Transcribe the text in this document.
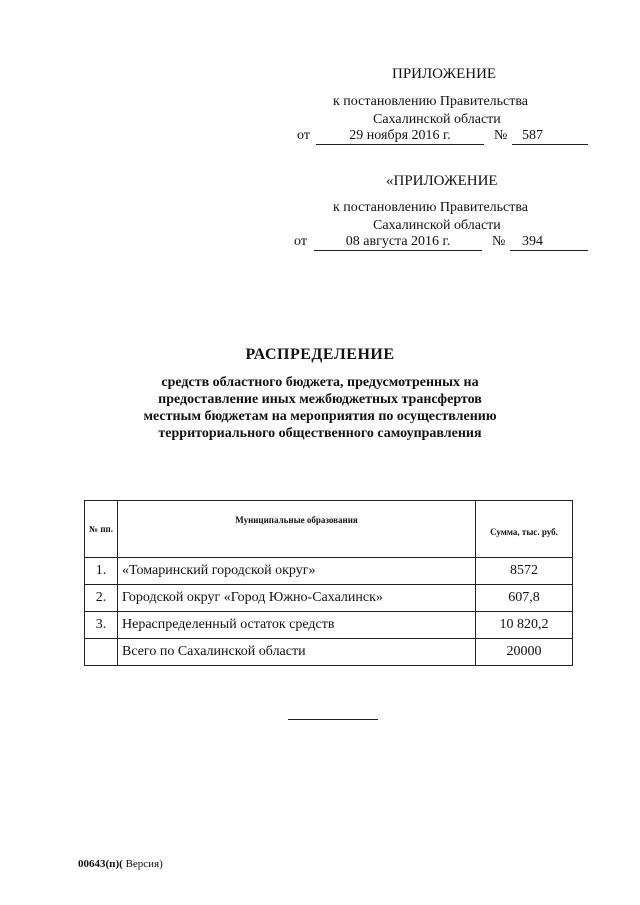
ПРИЛОЖЕНИЕ
к постановлению Правительства
Сахалинской области
от	29 ноября 2016 г.	№	587
«ПРИЛОЖЕНИЕ
к постановлению Правительства
Сахалинской области
от	08 августа 2016 г.	№	394
РАСПРЕДЕЛЕНИЕ
средств областного бюджета, предусмотренных на
предоставление иных межбюджетных трансфертов
местным бюджетам на мероприятия по осуществлению
территориального общественного самоуправления
№ пп.	Муниципальные образования	Сумма, тыс. руб.
1.	«Томаринский городской округ»	8572
2.	Городской округ «Город Южно-Сахалинск»	607,8
3.	Нераспределенный остаток средств	10 820,2
	Всего по Сахалинской области	20000
00643(п)( Версия)
